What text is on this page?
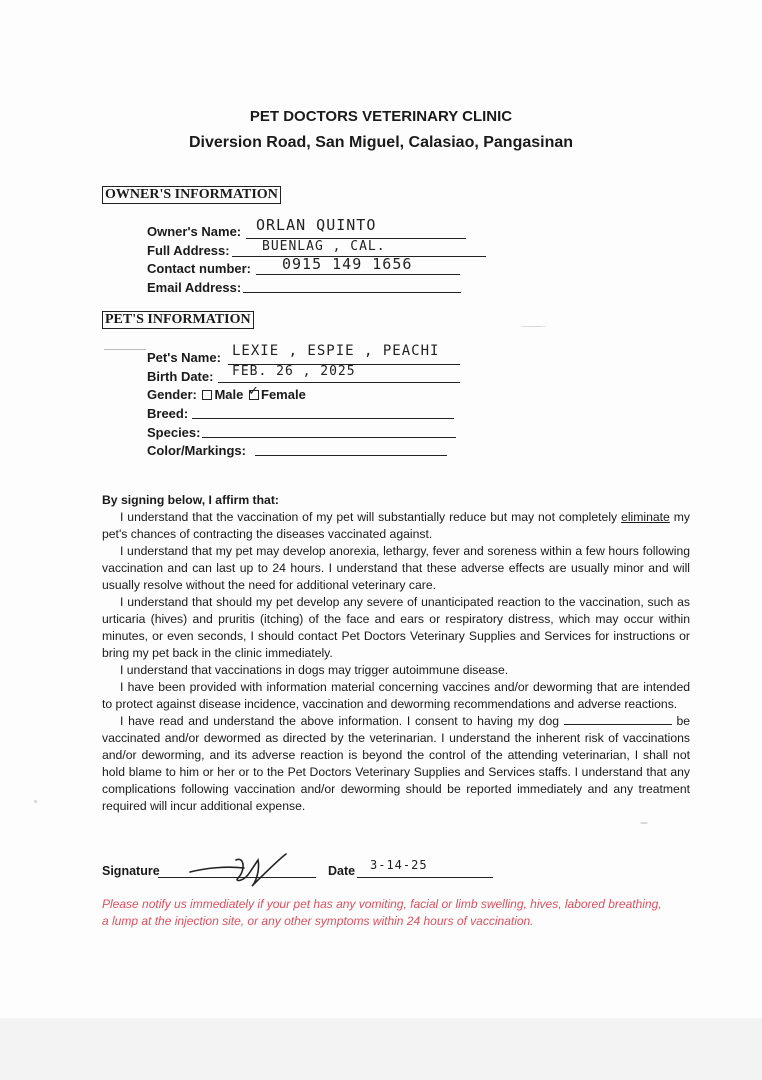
PET DOCTORS VETERINARY CLINIC
Diversion Road, San Miguel, Calasiao, Pangasinan
OWNER'S INFORMATION
Owner's Name: ORLAN QUINTO
Full Address: BUENLAG , CAL.
Contact number: 0915 149 1656
Email Address:
PET'S INFORMATION
Pet's Name: LEXIE , ESPIE , PEACHI
Birth Date: FEB. 26 , 2025
Gender: Male ✓ Female
Breed:
Species:
Color/Markings:
By signing below, I affirm that:

I understand that the vaccination of my pet will substantially reduce but may not completely eliminate my pet's chances of contracting the diseases vaccinated against.

I understand that my pet may develop anorexia, lethargy, fever and soreness within a few hours following vaccination and can last up to 24 hours. I understand that these adverse effects are usually minor and will usually resolve without the need for additional veterinary care.

I understand that should my pet develop any severe of unanticipated reaction to the vaccination, such as urticaria (hives) and pruritis (itching) of the face and ears or respiratory distress, which may occur within minutes, or even seconds, I should contact Pet Doctors Veterinary Supplies and Services for instructions or bring my pet back in the clinic immediately.

I understand that vaccinations in dogs may trigger autoimmune disease.

I have been provided with information material concerning vaccines and/or deworming that are intended to protect against disease incidence, vaccination and deworming recommendations and adverse reactions.

I have read and understand the above information. I consent to having my dog	be vaccinated and/or dewormed as directed by the veterinarian. I understand the inherent risk of vaccinations and/or deworming, and its adverse reaction is beyond the control of the attending veterinarian, I shall not hold blame to him or her or to the Pet Doctors Veterinary Supplies and Services staffs. I understand that any complications following vaccination and/or deworming should be reported immediately and any treatment required will incur additional expense.

Signature	Date 3-14-25
Please notify us immediately if your pet has any vomiting, facial or limb swelling, hives, labored breathing, a lump at the injection site, or any other symptoms within 24 hours of vaccination.
